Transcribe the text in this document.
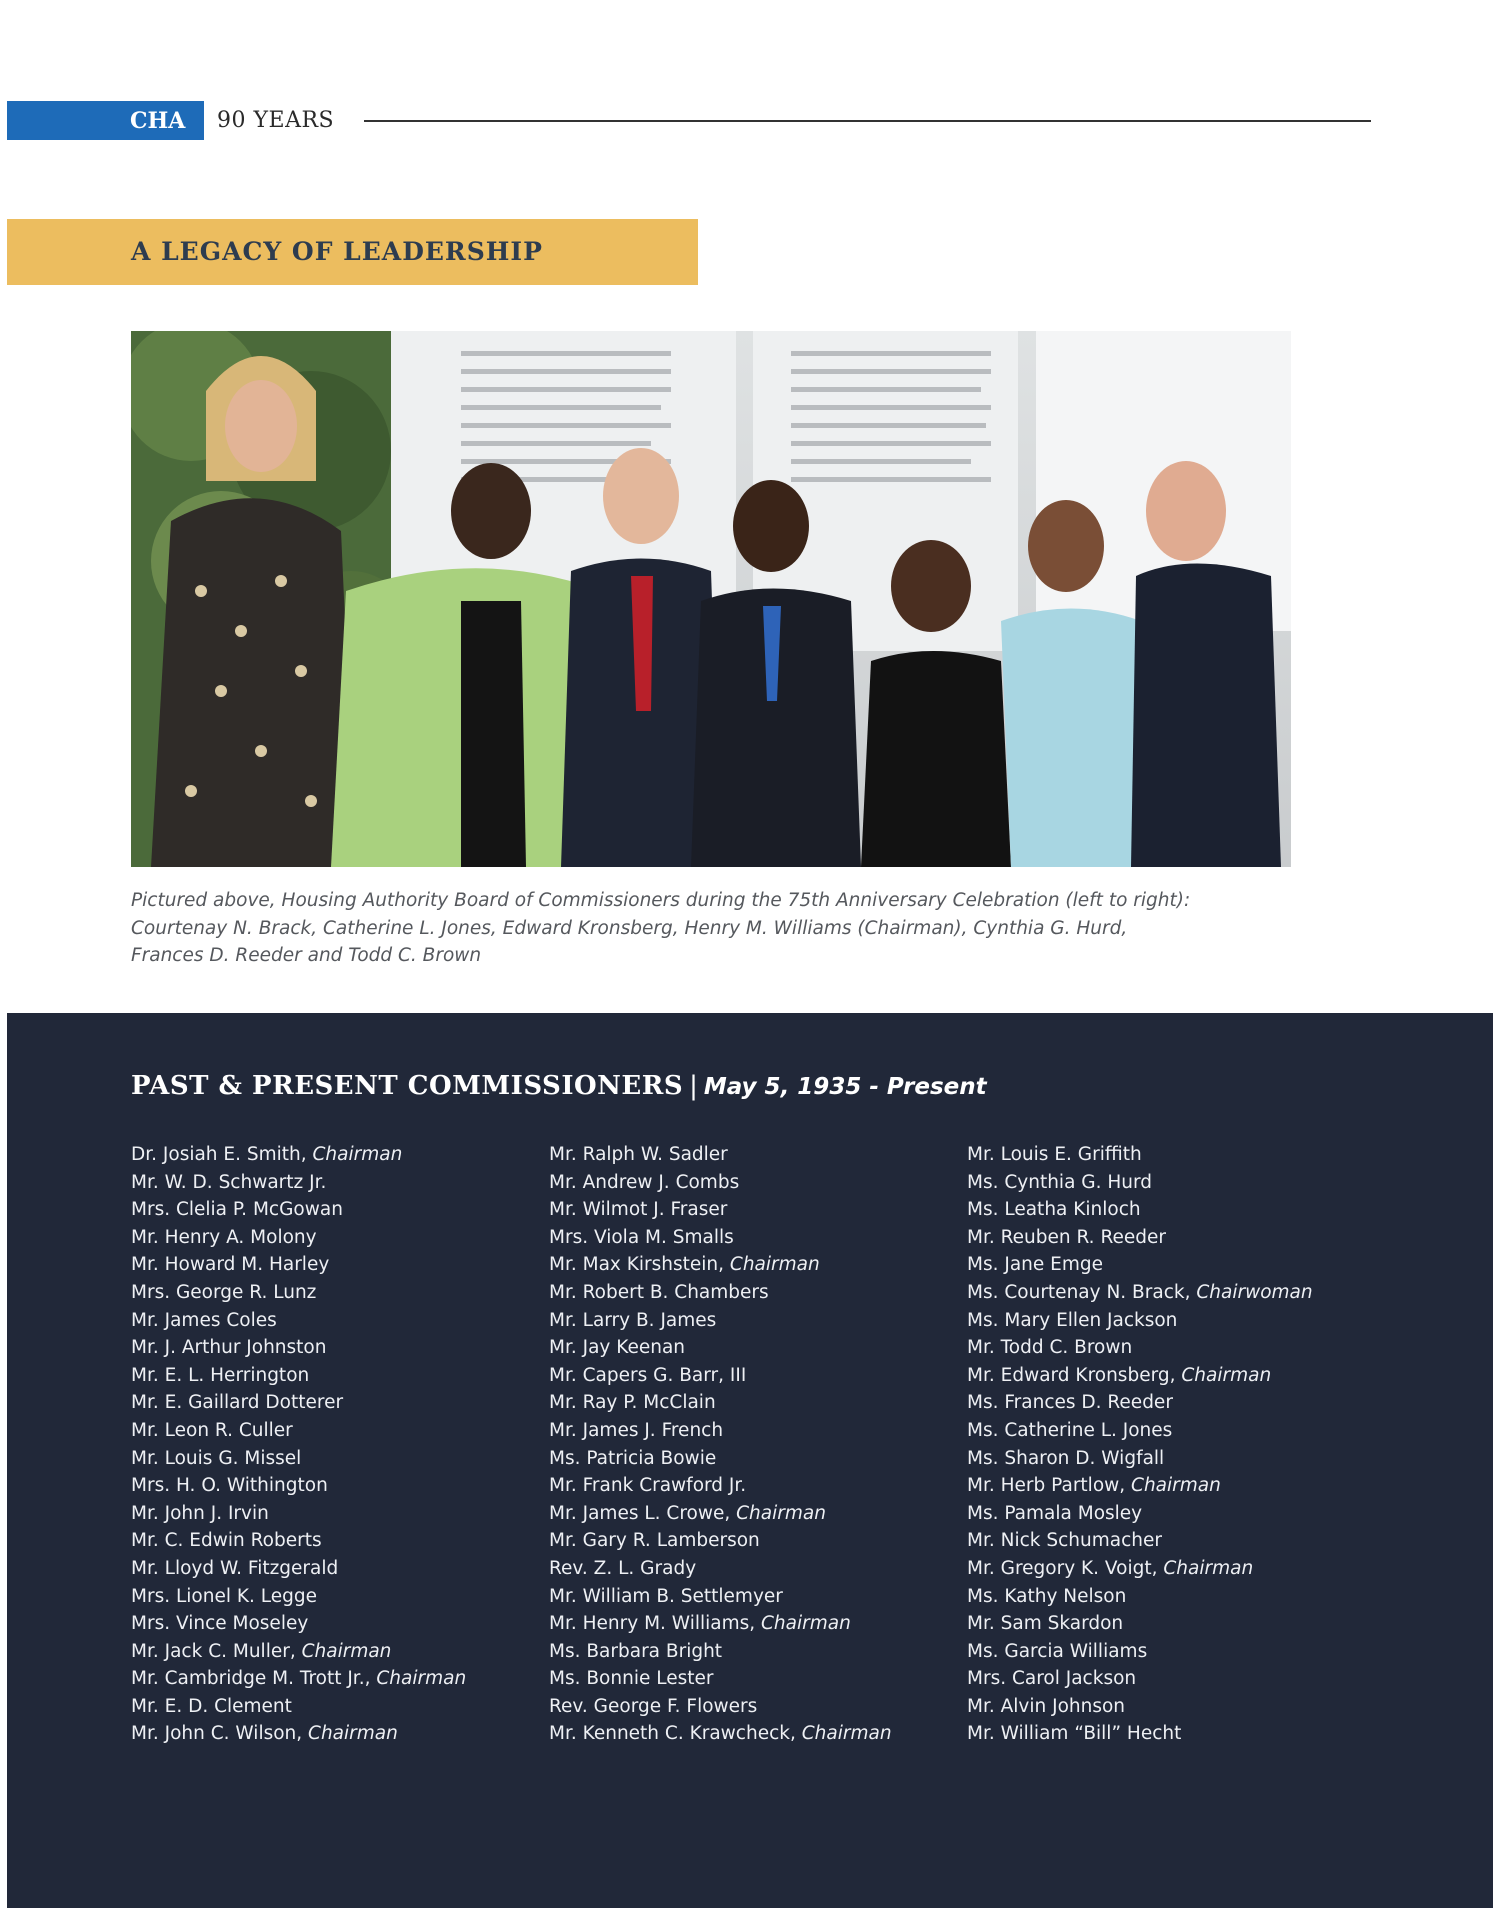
CHA 90 YEARS
A LEGACY OF LEADERSHIP
Pictured above, Housing Authority Board of Commissioners during the 75th Anniversary Celebration (left to right):
Courtenay N. Brack, Catherine L. Jones, Edward Kronsberg, Henry M. Williams (Chairman), Cynthia G. Hurd,
Frances D. Reeder and Todd C. Brown
PAST & PRESENT COMMISSIONERS | May 5, 1935 - Present
Dr. Josiah E. Smith, Chairman
Mr. W. D. Schwartz Jr.
Mrs. Clelia P. McGowan
Mr. Henry A. Molony
Mr. Howard M. Harley
Mrs. George R. Lunz
Mr. James Coles
Mr. J. Arthur Johnston
Mr. E. L. Herrington
Mr. E. Gaillard Dotterer
Mr. Leon R. Culler
Mr. Louis G. Missel
Mrs. H. O. Withington
Mr. John J. Irvin
Mr. C. Edwin Roberts
Mr. Lloyd W. Fitzgerald
Mrs. Lionel K. Legge
Mrs. Vince Moseley
Mr. Jack C. Muller, Chairman
Mr. Cambridge M. Trott Jr., Chairman
Mr. E. D. Clement
Mr. John C. Wilson, Chairman
Mr. Ralph W. Sadler
Mr. Andrew J. Combs
Mr. Wilmot J. Fraser
Mrs. Viola M. Smalls
Mr. Max Kirshstein, Chairman
Mr. Robert B. Chambers
Mr. Larry B. James
Mr. Jay Keenan
Mr. Capers G. Barr, III
Mr. Ray P. McClain
Mr. James J. French
Ms. Patricia Bowie
Mr. Frank Crawford Jr.
Mr. James L. Crowe, Chairman
Mr. Gary R. Lamberson
Rev. Z. L. Grady
Mr. William B. Settlemyer
Mr. Henry M. Williams, Chairman
Ms. Barbara Bright
Ms. Bonnie Lester
Rev. George F. Flowers
Mr. Kenneth C. Krawcheck, Chairman
Mr. Louis E. Griffith
Ms. Cynthia G. Hurd
Ms. Leatha Kinloch
Mr. Reuben R. Reeder
Ms. Jane Emge
Ms. Courtenay N. Brack, Chairwoman
Ms. Mary Ellen Jackson
Mr. Todd C. Brown
Mr. Edward Kronsberg, Chairman
Ms. Frances D. Reeder
Ms. Catherine L. Jones
Ms. Sharon D. Wigfall
Mr. Herb Partlow, Chairman
Ms. Pamala Mosley
Mr. Nick Schumacher
Mr. Gregory K. Voigt, Chairman
Ms. Kathy Nelson
Mr. Sam Skardon
Ms. Garcia Williams
Mrs. Carol Jackson
Mr. Alvin Johnson
Mr. William “Bill” Hecht
